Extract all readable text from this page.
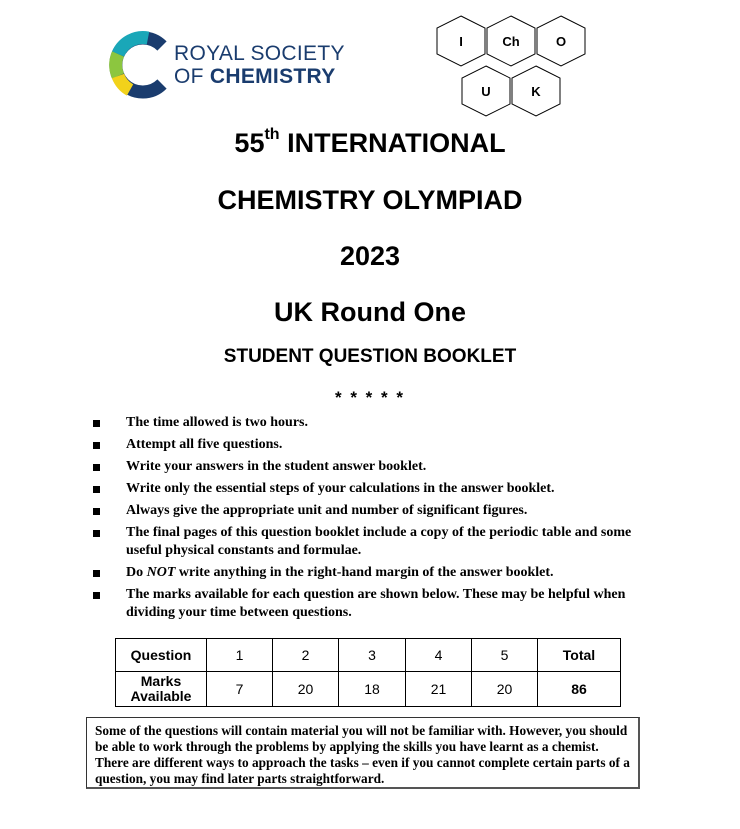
ROYAL SOCIETY
OF CHEMISTRY
I	Ch	O
U	K
55th INTERNATIONAL
CHEMISTRY OLYMPIAD
2023
UK Round One
STUDENT QUESTION BOOKLET
* * * * *
The time allowed is two hours.
Attempt all five questions.
Write your answers in the student answer booklet.
Write only the essential steps of your calculations in the answer booklet.
Always give the appropriate unit and number of significant figures.
The final pages of this question booklet include a copy of the periodic table and some useful physical constants and formulae.
Do NOT write anything in the right-hand margin of the answer booklet.
The marks available for each question are shown below. These may be helpful when dividing your time between questions.
Question	1	2	3	4	5	Total
Marks
Available	7	20	18	21	20	86
Some of the questions will contain material you will not be familiar with. However, you should be able to work through the problems by applying the skills you have learnt as a chemist. There are different ways to approach the tasks – even if you cannot complete certain parts of a question, you may find later parts straightforward.
